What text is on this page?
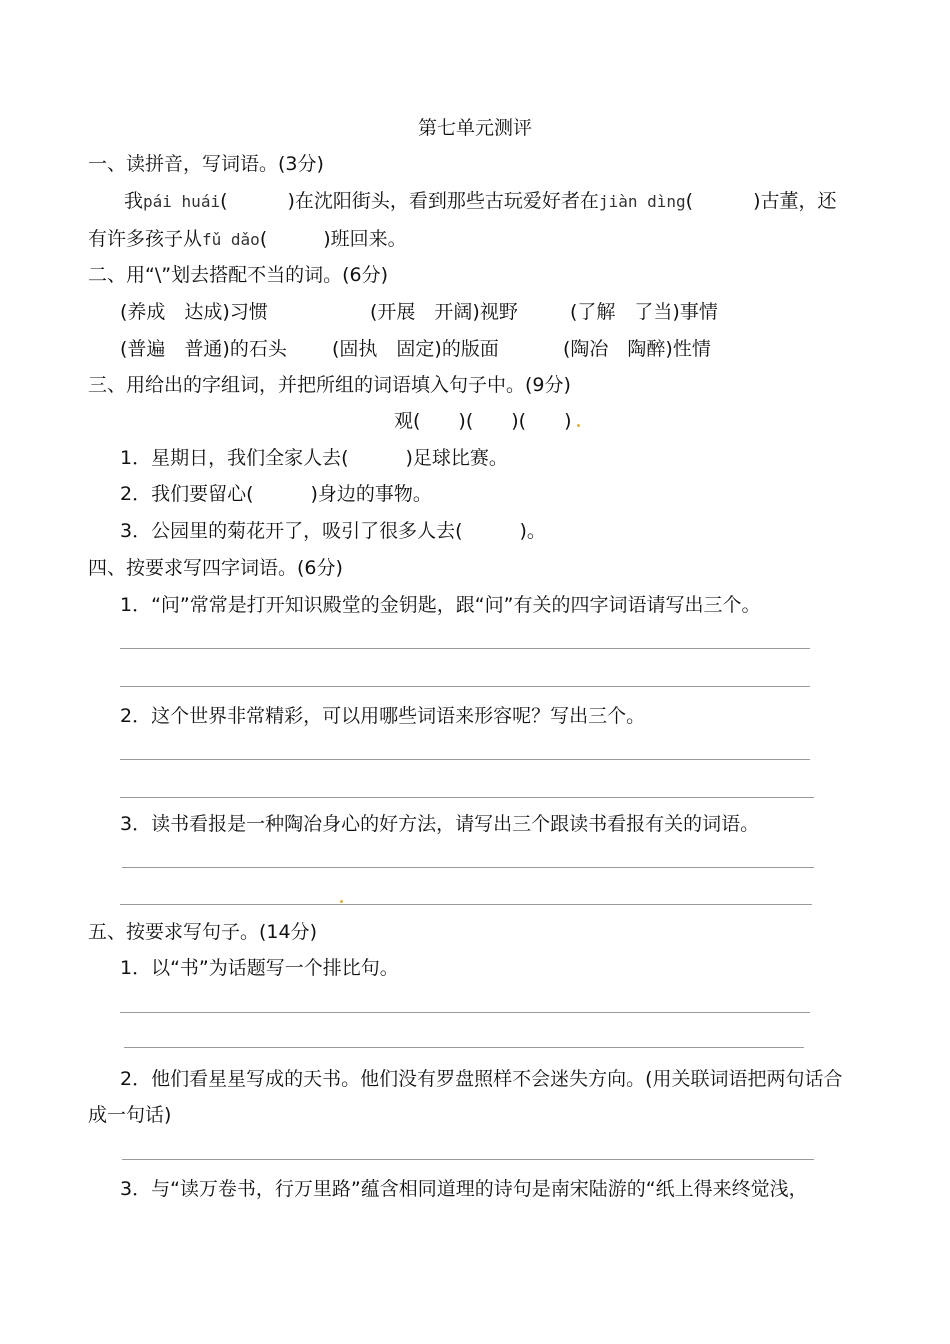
第七单元测评
一、读拼音，写词语。(3分)
我pái huái(	)在沈阳街头，看到那些古玩爱好者在jiàn dìng(	)古董，还
有许多孩子从fǔ dǎo(	)班回来。
二、用“\”划去搭配不当的词。(6分)
(养成　达成)习惯	(开展　开阔)视野	(了解　了当)事情
(普遍　普通)的石头 (固执　固定)的版面	(陶冶　陶醉)性情
三、用给出的字组词，并把所组的词语填入句子中。(9分)
观(　　)(　　)(　　)
1．星期日，我们全家人去(　　　)足球比赛。
2．我们要留心(　　　)身边的事物。
3．公园里的菊花开了，吸引了很多人去(　　　)。
四、按要求写四字词语。(6分)
1．“问”常常是打开知识殿堂的金钥匙，跟“问”有关的四字词语请写出三个。
2．这个世界非常精彩，可以用哪些词语来形容呢？写出三个。
3．读书看报是一种陶冶身心的好方法，请写出三个跟读书看报有关的词语。
五、按要求写句子。(14分)
1．以“书”为话题写一个排比句。
2．他们看星星写成的天书。他们没有罗盘照样不会迷失方向。(用关联词语把两句话合
成一句话)
3．与“读万卷书，行万里路”蕴含相同道理的诗句是南宋陆游的“纸上得来终觉浅，
